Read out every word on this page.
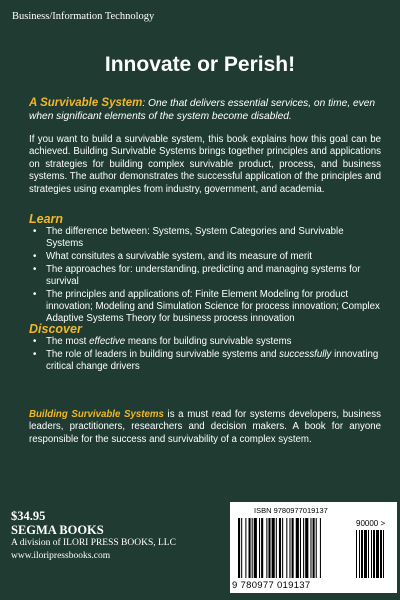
Business/Information Technology
Innovate or Perish!
A Survivable System: One that delivers essential services, on time, even when significant elements of the system become disabled.

If you want to build a survivable system, this book explains how this goal can be achieved. Building Survivable Systems brings together principles and applications on strategies for building complex survivable product, process, and business systems. The author demonstrates the successful application of the principles and strategies using examples from industry, government, and academia.

Learn
• The difference between: Systems, System Categories and Survivable Systems
• What consitutes a survivable system, and its measure of merit
• The approaches for: understanding, predicting and managing systems for survival
• The principles and applications of: Finite Element Modeling for product innovation; Modeling and Simulation Science for process innovation; Complex Adaptive Systems Theory for business process innovation
Discover
• The most effective means for building survivable systems
• The role of leaders in building survivable systems and successfully innovating critical change drivers

Building Survivable Systems is a must read for systems developers, business leaders, practitioners, researchers and decision makers. A book for anyone responsible for the success and survivability of a complex system.

$34.95
SEGMA BOOKS
A division of ILORI PRESS BOOKS, LLC
www.iloripressbooks.com
ISBN 9780977019137
90000 >
9 780977 019137
